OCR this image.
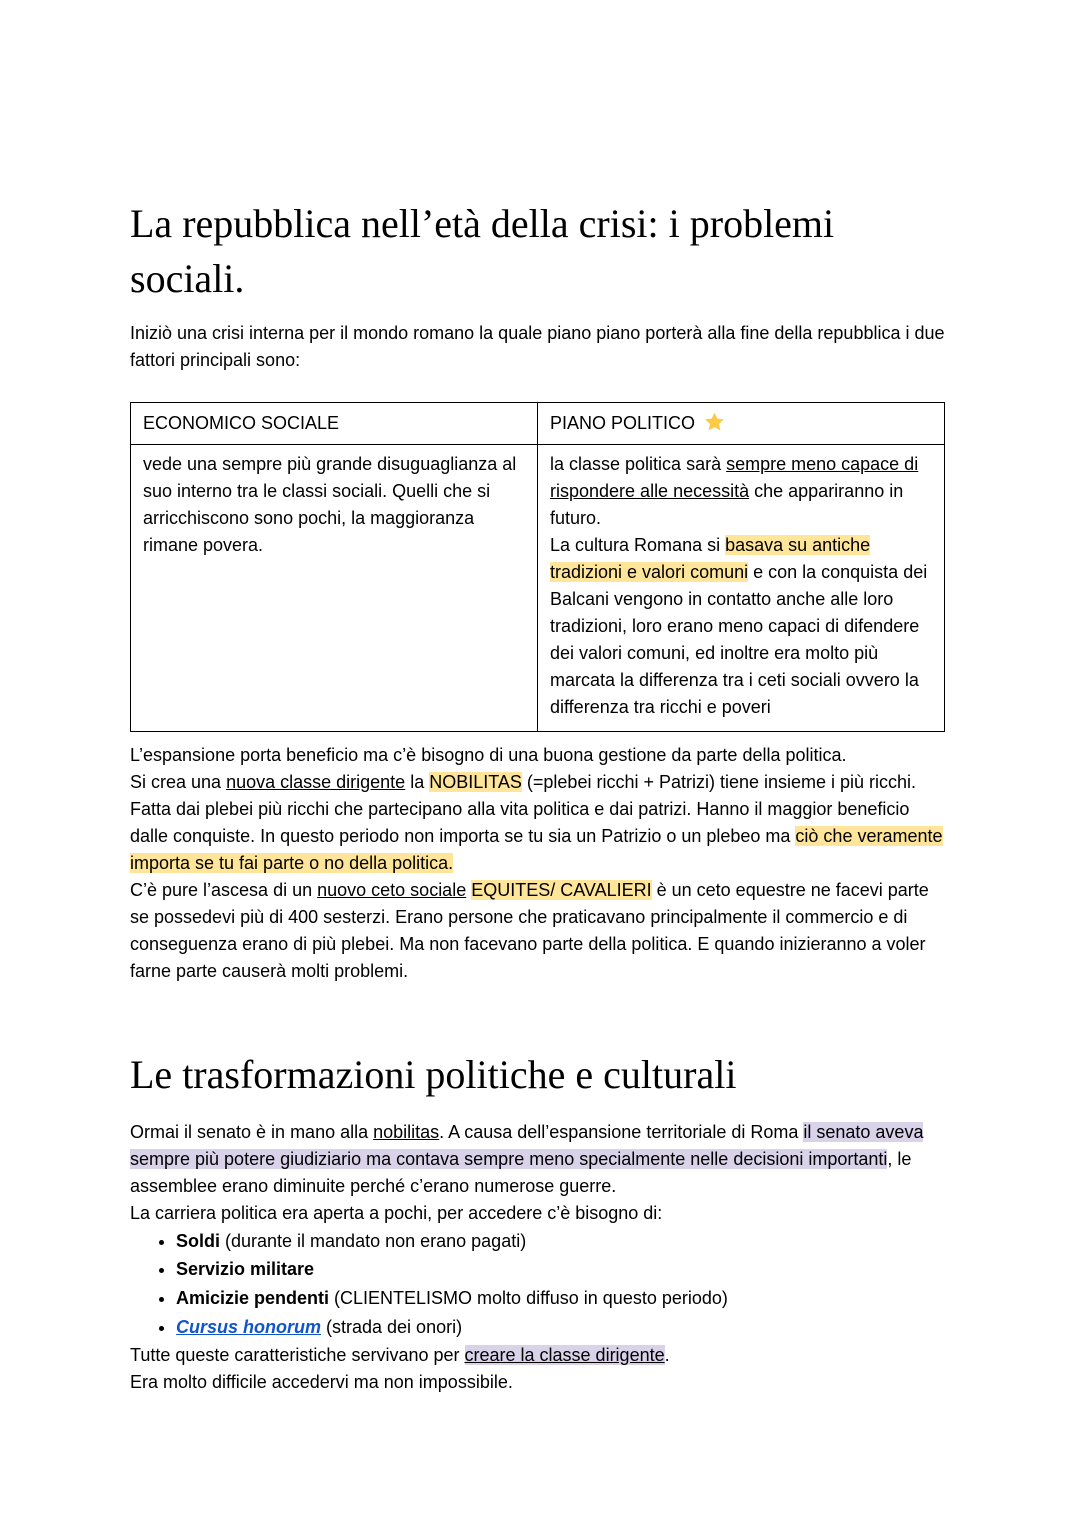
La repubblica nell’età della crisi: i problemi sociali.

Iniziò una crisi interna per il mondo romano la quale piano piano porterà alla fine della repubblica i due fattori principali sono:

ECONOMICO SOCIALE	PIANO POLITICO
vede una sempre più grande disuguaglianza al suo interno tra le classi sociali. Quelli che si arricchiscono sono pochi, la maggioranza rimane povera.	la classe politica sarà sempre meno capace di rispondere alle necessità che appariranno in futuro.
La cultura Romana si basava su antiche tradizioni e valori comuni e con la conquista dei Balcani vengono in contatto anche alle loro tradizioni, loro erano meno capaci di difendere dei valori comuni, ed inoltre era molto più marcata la differenza tra i ceti sociali ovvero la differenza tra ricchi e poveri

L’espansione porta beneficio ma c’è bisogno di una buona gestione da parte della politica.

Si crea una nuova classe dirigente la NOBILITAS (=plebei ricchi + Patrizi) tiene insieme i più ricchi. Fatta dai plebei più ricchi che partecipano alla vita politica e dai patrizi. Hanno il maggior beneficio dalle conquiste. In questo periodo non importa se tu sia un Patrizio o un plebeo ma ciò che veramente importa se tu fai parte o no della politica.

C’è pure l’ascesa di un nuovo ceto sociale EQUITES/ CAVALIERI è un ceto equestre ne facevi parte se possedevi più di 400 sesterzi. Erano persone che praticavano principalmente il commercio e di conseguenza erano di più plebei. Ma non facevano parte della politica. E quando inizieranno a voler farne parte causerà molti problemi.

Le trasformazioni politiche e culturali

Ormai il senato è in mano alla nobilitas. A causa dell’espansione territoriale di Roma il senato aveva sempre più potere giudiziario ma contava sempre meno specialmente nelle decisioni importanti, le assemblee erano diminuite perché c’erano numerose guerre.

La carriera politica era aperta a pochi, per accedere c’è bisogno di:

• Soldi (durante il mandato non erano pagati)
• Servizio militare
• Amicizie pendenti (CLIENTELISMO molto diffuso in questo periodo)
• Cursus honorum (strada dei onori)

Tutte queste caratteristiche servivano per creare la classe dirigente.

Era molto difficile accedervi ma non impossibile.
